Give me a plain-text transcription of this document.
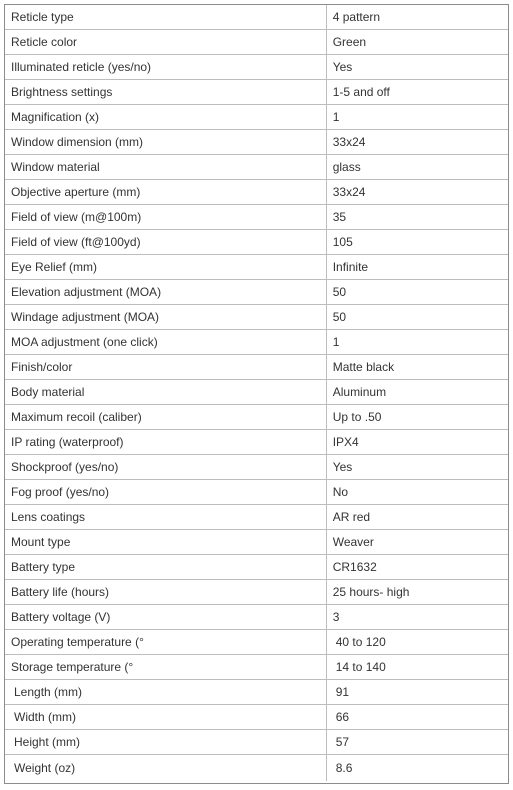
Reticle type	4 pattern
Reticle color	Green
Illuminated reticle (yes/no)	Yes
Brightness settings	1-5 and off
Magnification (x)	1
Window dimension (mm)	33x24
Window material	glass
Objective aperture (mm)	33x24
Field of view (m@100m)	35
Field of view (ft@100yd)	105
Eye Relief (mm)	Infinite
Elevation adjustment (MOA)	50
Windage adjustment (MOA)	50
MOA adjustment (one click)	1
Finish/color	Matte black
Body material	Aluminum
Maximum recoil (caliber)	Up to .50
IP rating (waterproof)	IPX4
Shockproof (yes/no)	Yes
Fog proof (yes/no)	No
Lens coatings	AR red
Mount type	Weaver
Battery type	CR1632
Battery life (hours)	25 hours- high
Battery voltage (V)	3
Operating temperature (°	40 to 120
Storage temperature (°	14 to 140
Length (mm)	91
Width (mm)	66
Height (mm)	57
Weight (oz)	8.6
